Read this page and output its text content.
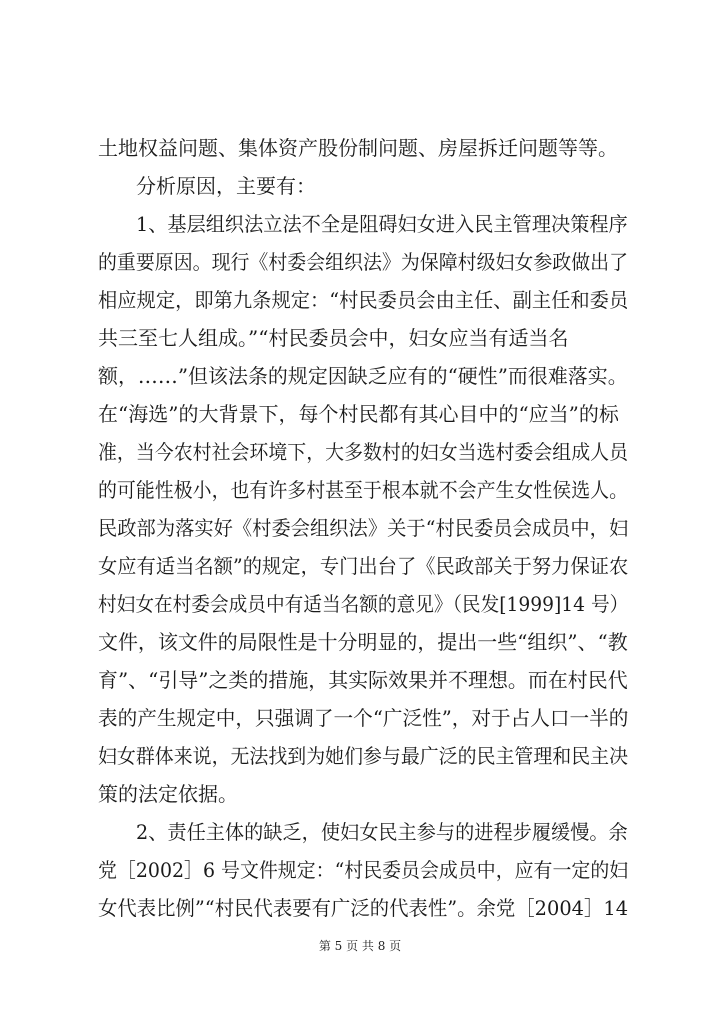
土地权益问题、集体资产股份制问题、房屋拆迁问题等等。
分析原因，主要有：
1、基层组织法立法不全是阻碍妇女进入民主管理决策程序
的重要原因。现行《村委会组织法》为保障村级妇女参政做出了
相应规定，即第九条规定：“村民委员会由主任、副主任和委员
共三至七人组成。”“村民委员会中，妇女应当有适当名
额，……”但该法条的规定因缺乏应有的“硬性”而很难落实。
在“海选”的大背景下，每个村民都有其心目中的“应当”的标
准，当今农村社会环境下，大多数村的妇女当选村委会组成人员
的可能性极小，也有许多村甚至于根本就不会产生女性侯选人。
民政部为落实好《村委会组织法》关于“村民委员会成员中，妇
女应有适当名额”的规定，专门出台了《民政部关于努力保证农
村妇女在村委会成员中有适当名额的意见》（民发[1999]14 号）
文件，该文件的局限性是十分明显的，提出一些“组织”、“教
育”、“引导”之类的措施，其实际效果并不理想。而在村民代
表的产生规定中，只强调了一个“广泛性”，对于占人口一半的
妇女群体来说，无法找到为她们参与最广泛的民主管理和民主决
策的法定依据。
2、责任主体的缺乏，使妇女民主参与的进程步履缓慢。余
党［2002］6 号文件规定：“村民委员会成员中，应有一定的妇
女代表比例”“村民代表要有广泛的代表性”。余党［2004］14
第 5 页 共 8 页
